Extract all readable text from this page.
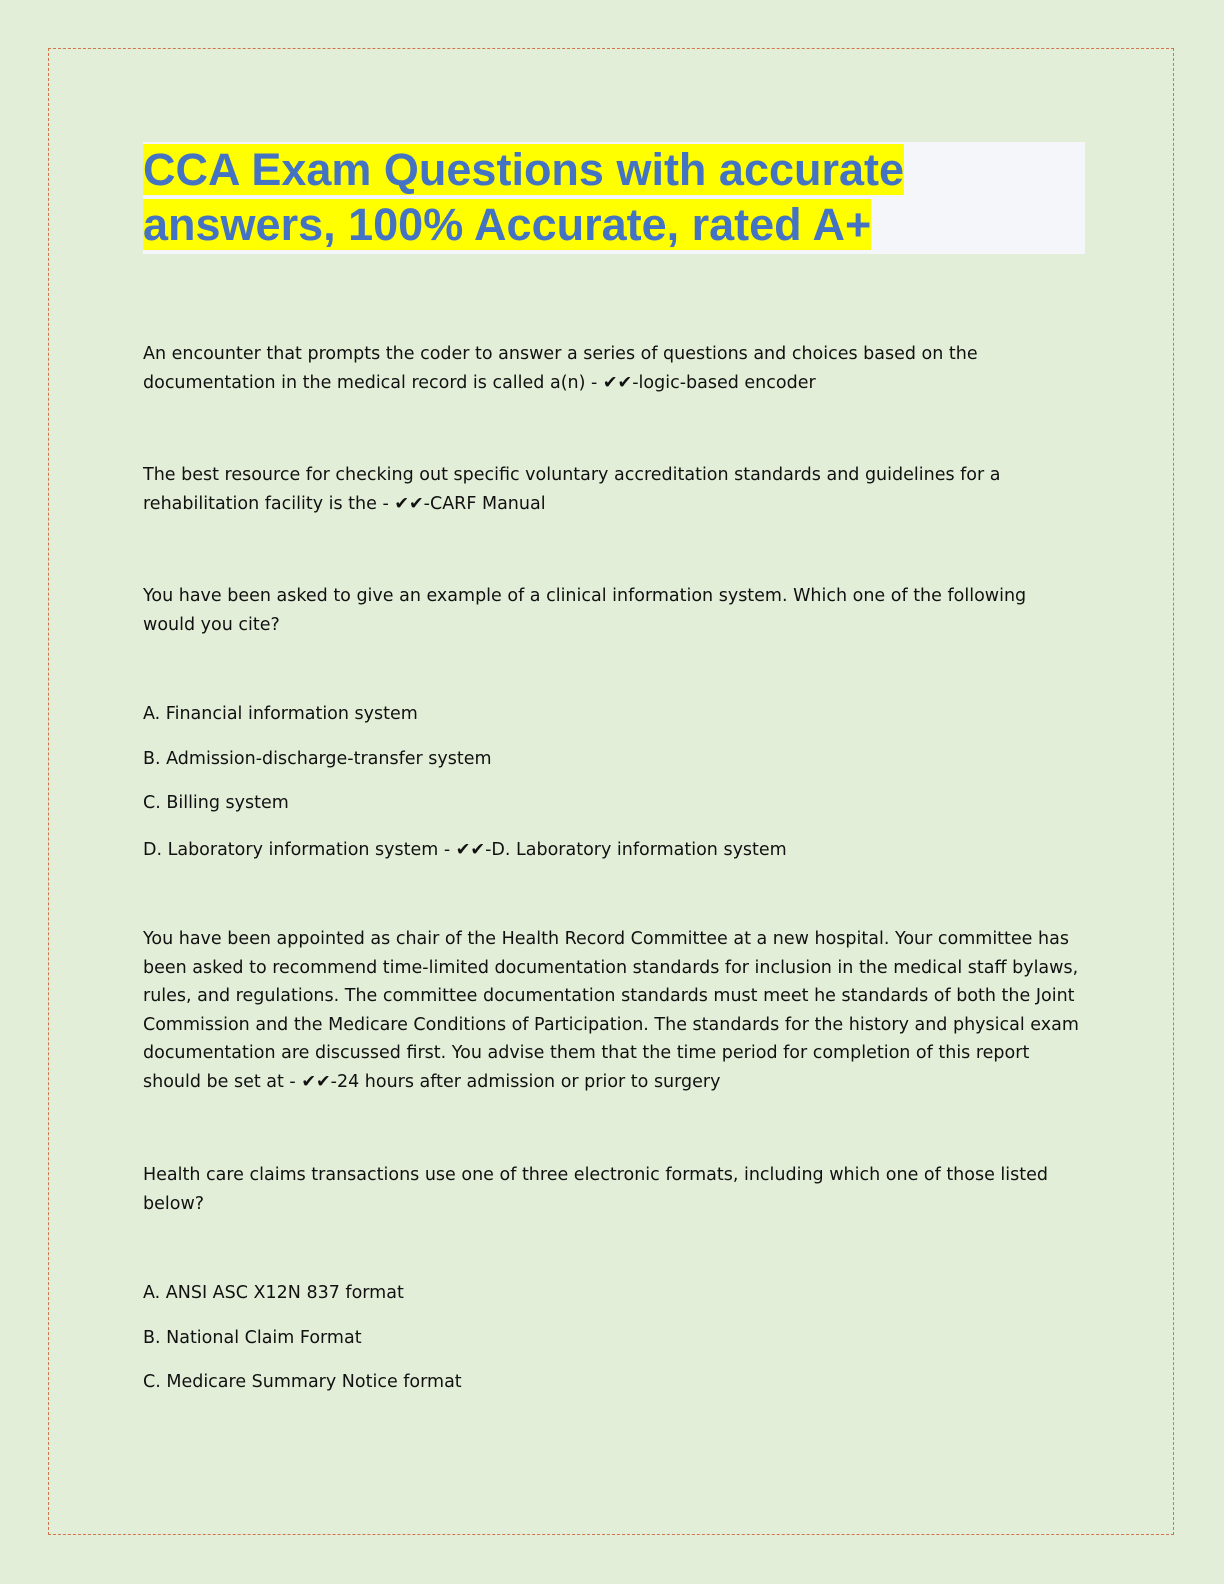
CCA Exam Questions with accurate
answers, 100% Accurate, rated A+

An encounter that prompts the coder to answer a series of questions and choices based on the documentation in the medical record is called a(n) - ✔✔-logic-based encoder

The best resource for checking out specific voluntary accreditation standards and guidelines for a rehabilitation facility is the - ✔✔-CARF Manual

You have been asked to give an example of a clinical information system. Which one of the following would you cite?

A. Financial information system

B. Admission-discharge-transfer system

C. Billing system

D. Laboratory information system - ✔✔-D. Laboratory information system

You have been appointed as chair of the Health Record Committee at a new hospital. Your committee has been asked to recommend time-limited documentation standards for inclusion in the medical staff bylaws, rules, and regulations. The committee documentation standards must meet he standards of both the Joint Commission and the Medicare Conditions of Participation. The standards for the history and physical exam documentation are discussed first. You advise them that the time period for completion of this report should be set at - ✔✔-24 hours after admission or prior to surgery

Health care claims transactions use one of three electronic formats, including which one of those listed below?

A. ANSI ASC X12N 837 format

B. National Claim Format

C. Medicare Summary Notice format
